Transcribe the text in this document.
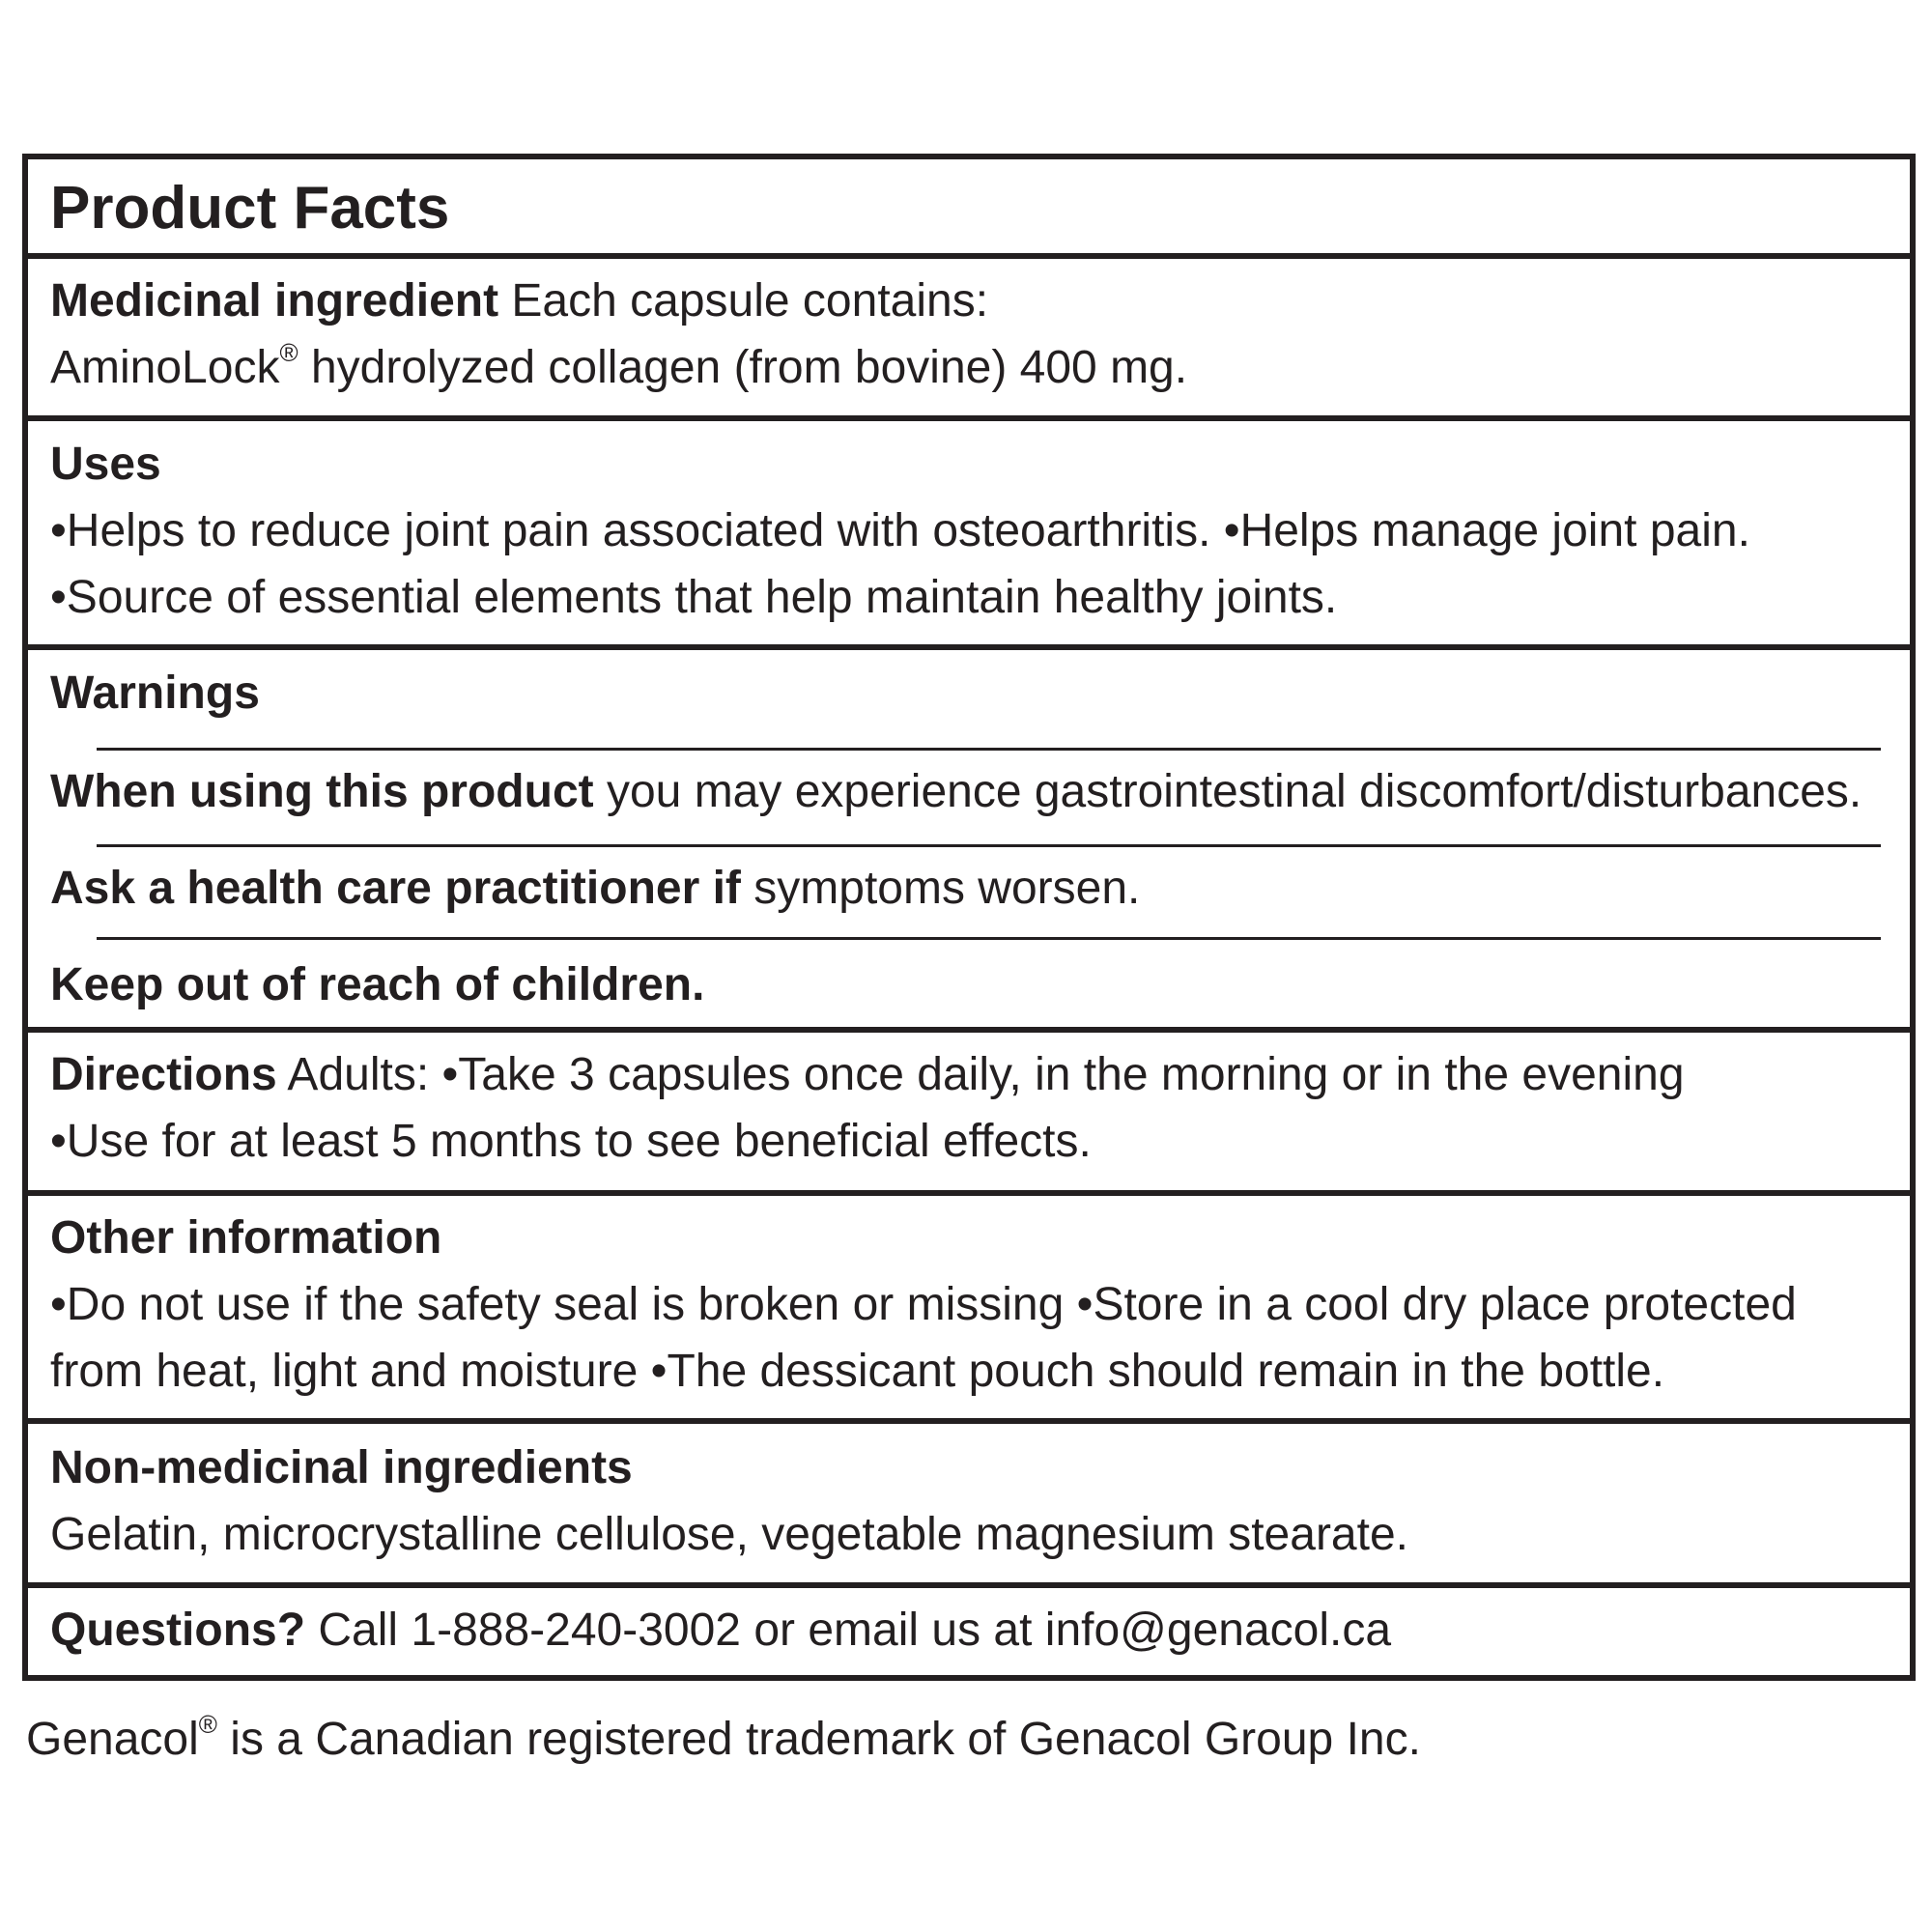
Product Facts
Medicinal ingredient Each capsule contains:
AminoLock® hydrolyzed collagen (from bovine) 400 mg.
Uses
•Helps to reduce joint pain associated with osteoarthritis. •Helps manage joint pain.
•Source of essential elements that help maintain healthy joints.
Warnings
When using this product you may experience gastrointestinal discomfort/disturbances.
Ask a health care practitioner if symptoms worsen.
Keep out of reach of children.
Directions Adults: •Take 3 capsules once daily, in the morning or in the evening
•Use for at least 5 months to see beneficial effects.
Other information
•Do not use if the safety seal is broken or missing •Store in a cool dry place protected
from heat, light and moisture •The dessicant pouch should remain in the bottle.
Non-medicinal ingredients
Gelatin, microcrystalline cellulose, vegetable magnesium stearate.
Questions? Call 1-888-240-3002 or email us at info@genacol.ca
Genacol® is a Canadian registered trademark of Genacol Group Inc.
